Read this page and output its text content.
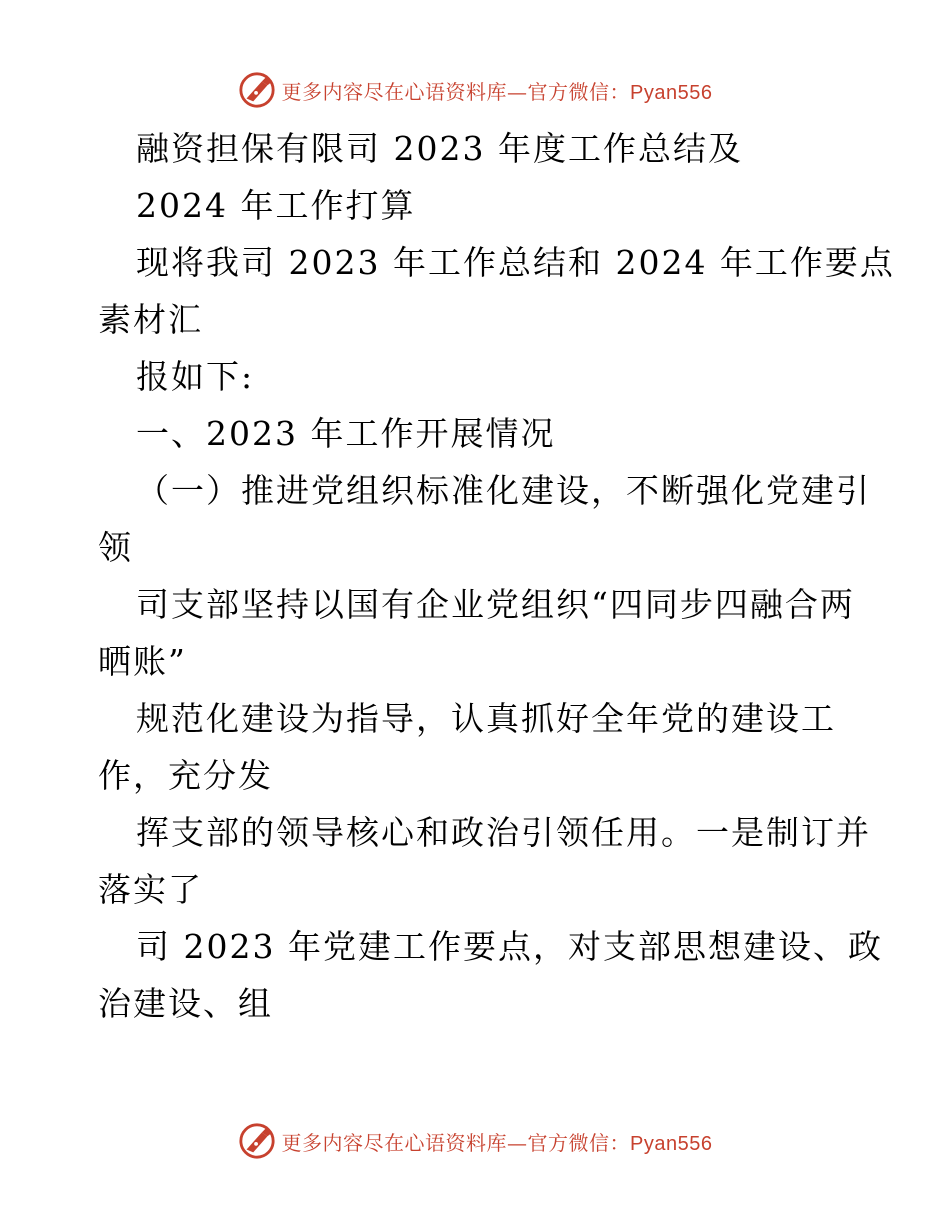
更多内容尽在心语资料库—官方微信：Pyan556

融资担保有限司 2023 年度工作总结及

2024 年工作打算

现将我司 2023 年工作总结和 2024 年工作要点
素材汇

报如下:

一、2023 年工作开展情况

（一）推进党组织标准化建设，不断强化党建引
领

司支部坚持以国有企业党组织“四同步四融合两
晒账”

规范化建设为指导，认真抓好全年党的建设工
作，充分发

挥支部的领导核心和政治引领任用。一是制订并
落实了

司 2023 年党建工作要点，对支部思想建设、政
治建设、组

更多内容尽在心语资料库—官方微信：Pyan556
